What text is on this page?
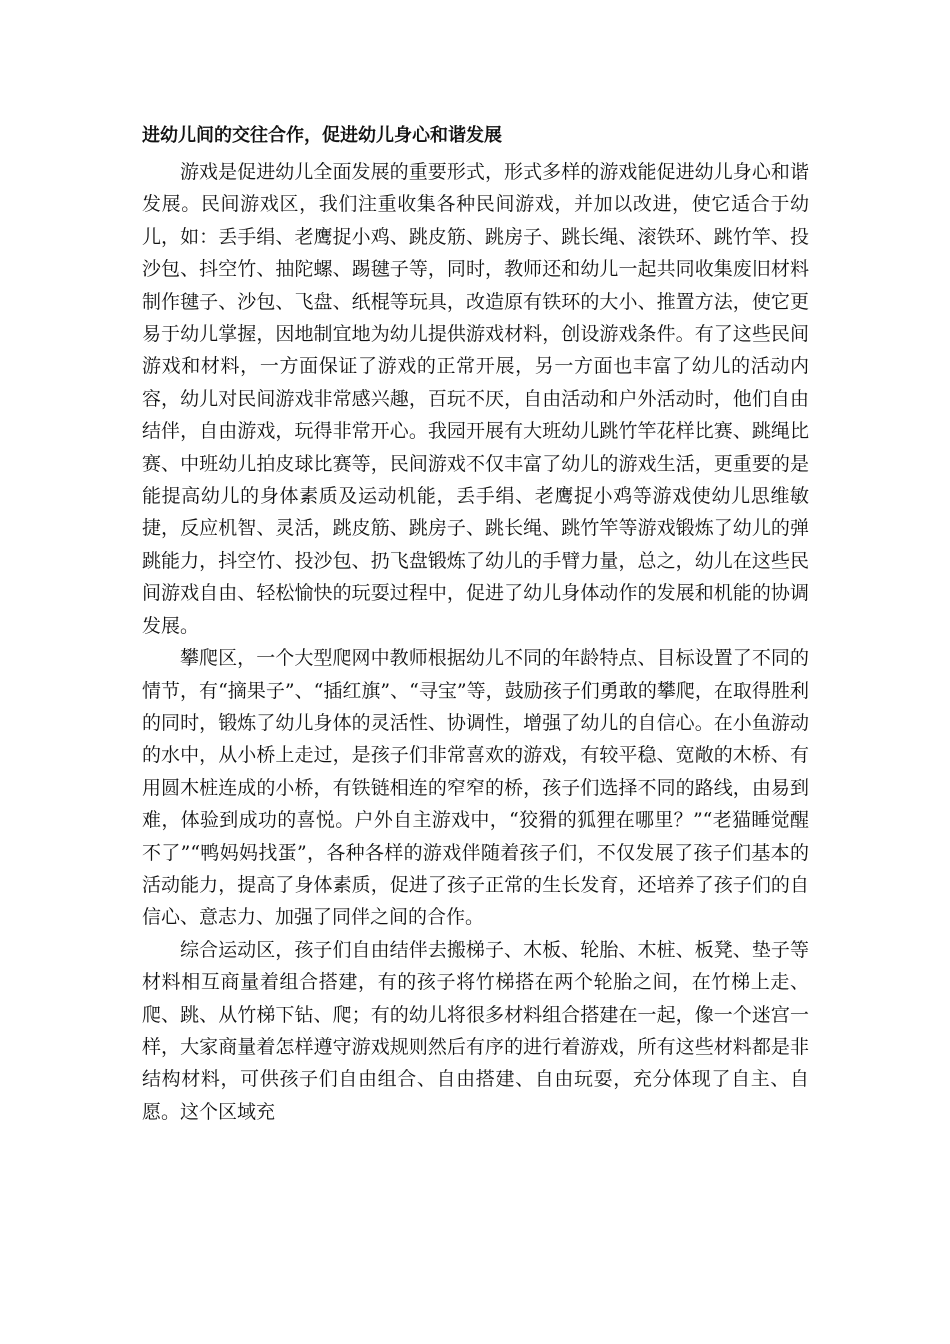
进幼儿间的交往合作，促进幼儿身心和谐发展

游戏是促进幼儿全面发展的重要形式，形式多样的游戏能促进幼儿身心和谐发展。民间游戏区，我们注重收集各种民间游戏，并加以改进，使它适合于幼儿，如：丢手绢、老鹰捉小鸡、跳皮筋、跳房子、跳长绳、滚铁环、跳竹竿、投沙包、抖空竹、抽陀螺、踢毽子等，同时，教师还和幼儿一起共同收集废旧材料制作毽子、沙包、飞盘、纸棍等玩具，改造原有铁环的大小、推置方法，使它更易于幼儿掌握，因地制宜地为幼儿提供游戏材料，创设游戏条件。有了这些民间游戏和材料，一方面保证了游戏的正常开展，另一方面也丰富了幼儿的活动内容，幼儿对民间游戏非常感兴趣，百玩不厌，自由活动和户外活动时，他们自由结伴，自由游戏，玩得非常开心。我园开展有大班幼儿跳竹竿花样比赛、跳绳比赛、中班幼儿拍皮球比赛等，民间游戏不仅丰富了幼儿的游戏生活，更重要的是能提高幼儿的身体素质及运动机能，丢手绢、老鹰捉小鸡等游戏使幼儿思维敏捷，反应机智、灵活，跳皮筋、跳房子、跳长绳、跳竹竿等游戏锻炼了幼儿的弹跳能力，抖空竹、投沙包、扔飞盘锻炼了幼儿的手臂力量，总之，幼儿在这些民间游戏自由、轻松愉快的玩耍过程中，促进了幼儿身体动作的发展和机能的协调发展。

攀爬区，一个大型爬网中教师根据幼儿不同的年龄特点、目标设置了不同的情节，有“摘果子”、“插红旗”、“寻宝”等，鼓励孩子们勇敢的攀爬，在取得胜利的同时，锻炼了幼儿身体的灵活性、协调性，增强了幼儿的自信心。在小鱼游动的水中，从小桥上走过，是孩子们非常喜欢的游戏，有较平稳、宽敞的木桥、有用圆木桩连成的小桥，有铁链相连的窄窄的桥，孩子们选择不同的路线，由易到难，体验到成功的喜悦。户外自主游戏中，“狡猾的狐狸在哪里？”“老猫睡觉醒不了”“鸭妈妈找蛋”，各种各样的游戏伴随着孩子们，不仅发展了孩子们基本的活动能力，提高了身体素质，促进了孩子正常的生长发育，还培养了孩子们的自信心、意志力、加强了同伴之间的合作。

综合运动区，孩子们自由结伴去搬梯子、木板、轮胎、木桩、板凳、垫子等材料相互商量着组合搭建，有的孩子将竹梯搭在两个轮胎之间，在竹梯上走、爬、跳、从竹梯下钻、爬；有的幼儿将很多材料组合搭建在一起，像一个迷宫一样，大家商量着怎样遵守游戏规则然后有序的进行着游戏，所有这些材料都是非结构材料，可供孩子们自由组合、自由搭建、自由玩耍，充分体现了自主、自愿。这个区域充
